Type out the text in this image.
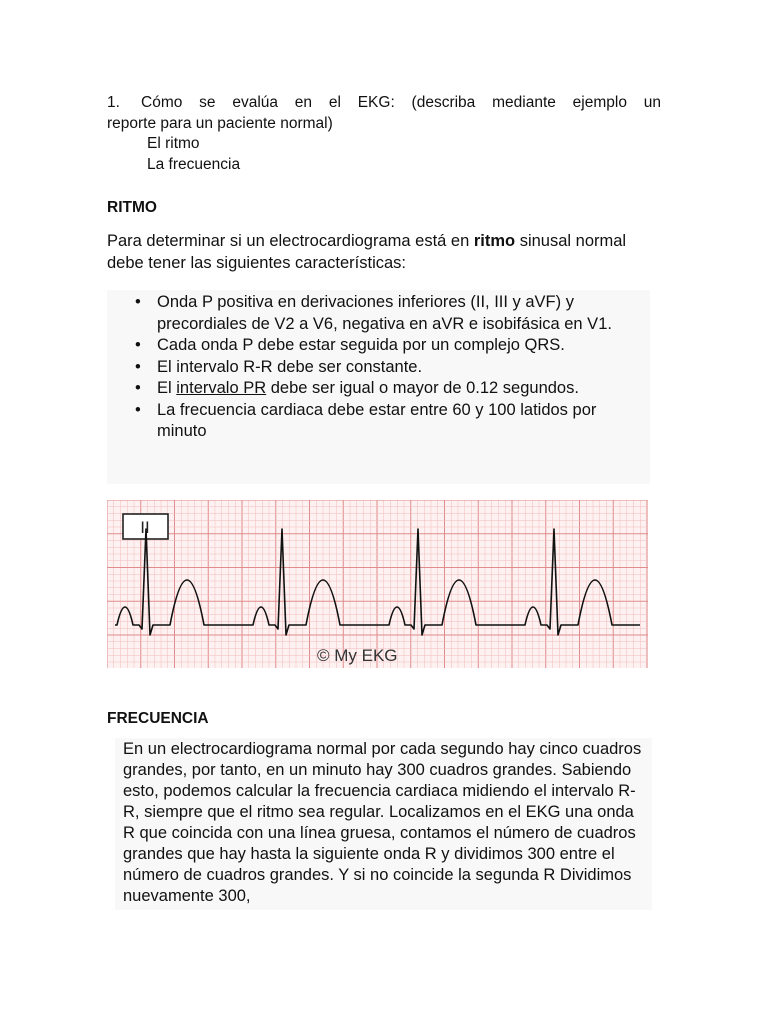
1.	Cómo se evalúa en el EKG: (describa mediante ejemplo un
reporte para un paciente normal)
El ritmo
La frecuencia
RITMO
Para determinar si un electrocardiograma está en ritmo sinusal normal debe tener las siguientes características:
• Onda P positiva en derivaciones inferiores (II, III y aVF) y precordiales de V2 a V6, negativa en aVR e isobifásica en V1.
• Cada onda P debe estar seguida por un complejo QRS.
• El intervalo R-R debe ser constante.
• El intervalo PR debe ser igual o mayor de 0.12 segundos.
• La frecuencia cardiaca debe estar entre 60 y 100 latidos por minuto
II
© My EKG
FRECUENCIA
En un electrocardiograma normal por cada segundo hay cinco cuadros grandes, por tanto, en un minuto hay 300 cuadros grandes. Sabiendo esto, podemos calcular la frecuencia cardiaca midiendo el intervalo R-R, siempre que el ritmo sea regular. Localizamos en el EKG una onda R que coincida con una línea gruesa, contamos el número de cuadros grandes que hay hasta la siguiente onda R y dividimos 300 entre el número de cuadros grandes. Y si no coincide la segunda R Dividimos nuevamente 300,
